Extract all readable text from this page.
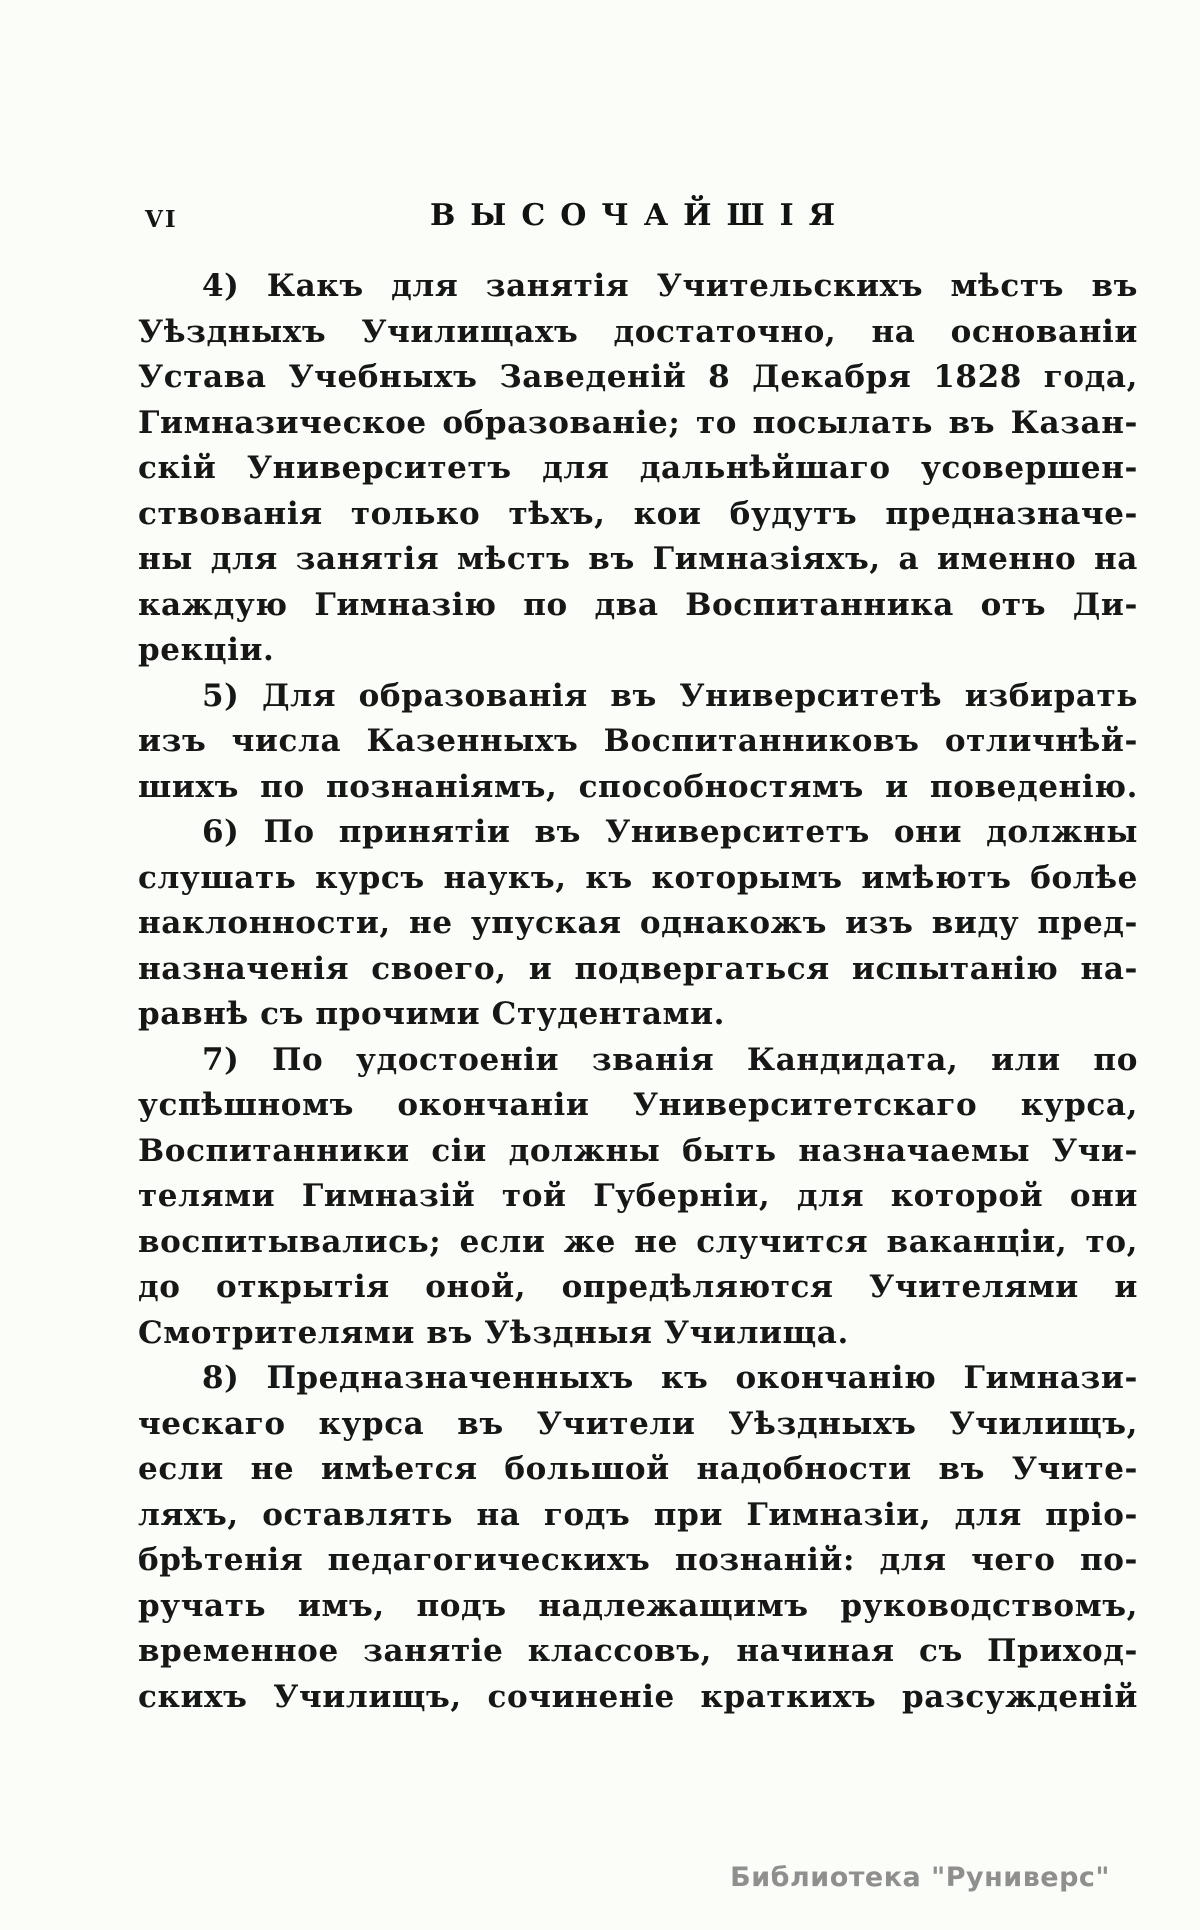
VI	ВЫСОЧАЙШІЯ
4) Какъ для занятія Учительскихъ мѣстъ въ
Уѣздныхъ Училищахъ достаточно, на основаніи
Устава Учебныхъ Заведеній 8 Декабря 1828 года,
Гимназическое образованіе; то посылать въ Казан-
скій Университетъ для дальнѣйшаго усовершен-
ствованія только тѣхъ, кои будутъ предназначе-
ны для занятія мѣстъ въ Гимназіяхъ, а именно на
каждую Гимназію по два Воспитанника отъ Ди-
рекціи.
5) Для образованія въ Университетѣ избирать
изъ числа Казенныхъ Воспитанниковъ отличнѣй-
шихъ по познаніямъ, способностямъ и поведенію.
6) По принятіи въ Университетъ они должны
слушать курсъ наукъ, къ которымъ имѣютъ болѣе
наклонности, не упуская однакожъ изъ виду пред-
назначенія своего, и подвергаться испытанію на-
равнѣ съ прочими Студентами.
7) По удостоеніи званія Кандидата, или по
успѣшномъ окончаніи Университетскаго курса,
Воспитанники сіи должны быть назначаемы Учи-
телями Гимназій той Губерніи, для которой они
воспитывались; если же не случится ваканціи, то,
до открытія оной, опредѣляются Учителями и
Смотрителями въ Уѣздныя Училища.
8) Предназначенныхъ къ окончанію Гимнази-
ческаго курса въ Учители Уѣздныхъ Училищъ,
если не имѣется большой надобности въ Учите-
ляхъ, оставлять на годъ при Гимназіи, для пріо-
брѣтенія педагогическихъ познаній: для чего по-
ручать имъ, подъ надлежащимъ руководствомъ,
временное занятіе классовъ, начиная съ Приход-
скихъ Училищъ, сочиненіе краткихъ разсужденій
Библиотека "Руниверс"
